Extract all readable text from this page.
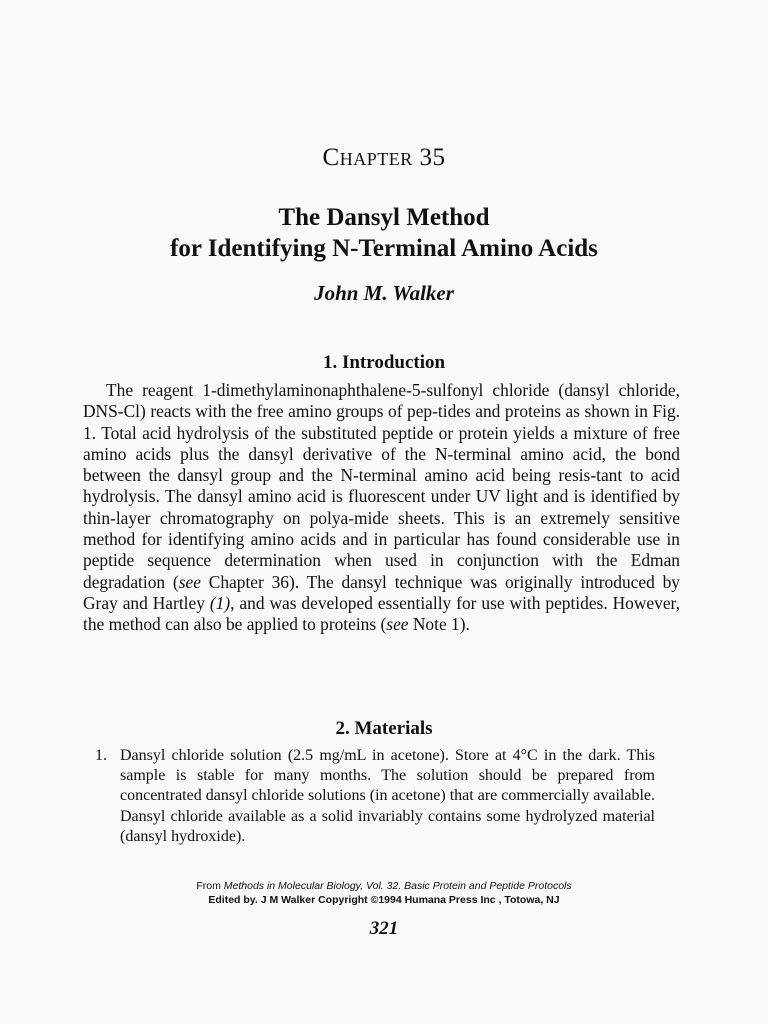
Chapter 35
The Dansyl Method
for Identifying N-Terminal Amino Acids
John M. Walker
1. Introduction
The reagent 1-dimethylaminonaphthalene-5-sulfonyl chloride (dansyl chloride, DNS-Cl) reacts with the free amino groups of pep-tides and proteins as shown in Fig. 1. Total acid hydrolysis of the substituted peptide or protein yields a mixture of free amino acids plus the dansyl derivative of the N-terminal amino acid, the bond between the dansyl group and the N-terminal amino acid being resis-tant to acid hydrolysis. The dansyl amino acid is fluorescent under UV light and is identified by thin-layer chromatography on polya-mide sheets. This is an extremely sensitive method for identifying amino acids and in particular has found considerable use in peptide sequence determination when used in conjunction with the Edman degradation (see Chapter 36). The dansyl technique was originally introduced by Gray and Hartley (1), and was developed essentially for use with peptides. However, the method can also be applied to proteins (see Note 1).
2. Materials
1. Dansyl chloride solution (2.5 mg/mL in acetone). Store at 4°C in the dark. This sample is stable for many months. The solution should be prepared from concentrated dansyl chloride solutions (in acetone) that are commercially available. Dansyl chloride available as a solid invariably contains some hydrolyzed material (dansyl hydroxide).
From Methods in Molecular Biology, Vol. 32. Basic Protein and Peptide Protocols
Edited by. J M Walker Copyright ©1994 Humana Press Inc , Totowa, NJ
321
